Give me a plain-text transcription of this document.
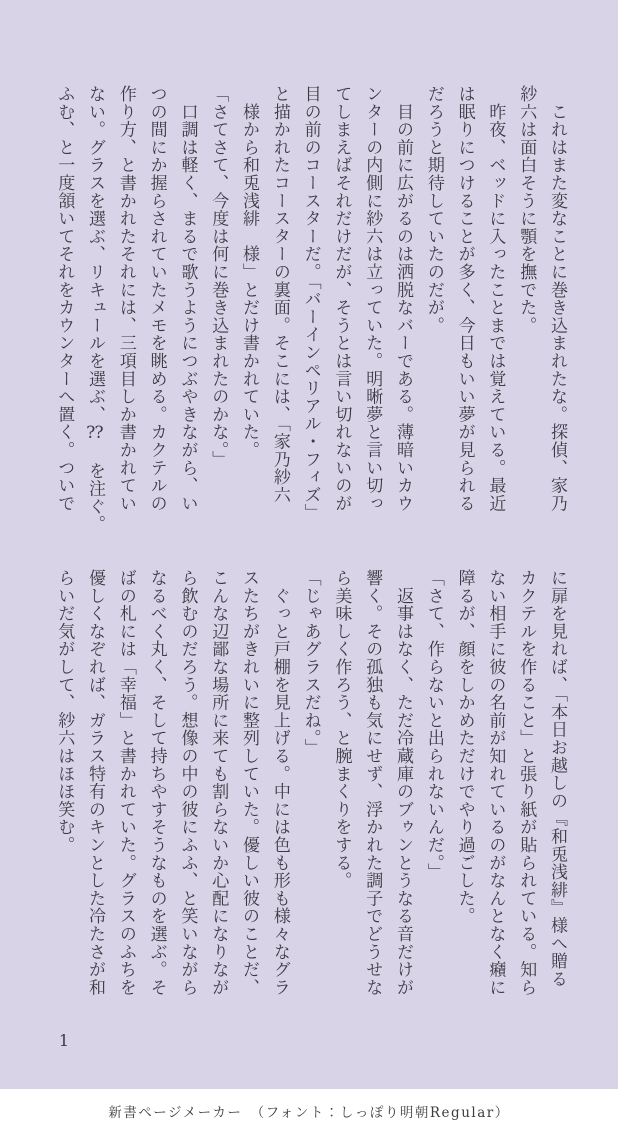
　これはまた変なことに巻き込まれたな。探偵、家乃

紗六は面白そうに顎を撫でた。

　昨夜、ベッドに入ったことまでは覚えている。最近

は眠りにつけることが多く、今日もいい夢が見られる

だろうと期待していたのだが。

　目の前に広がるのは洒脱なバーである。薄暗いカウ

ンターの内側に紗六は立っていた。明晰夢と言い切っ

てしまえばそれだけだが、そうとは言い切れないのが

目の前のコースターだ。「バーインペリアル・フィズ」

と描かれたコースターの裏面。そこには、「家乃紗六

　様から和兎浅緋　様」とだけ書かれていた。

「さてさて、今度は何に巻き込まれたのかな。」

　口調は軽く、まるで歌うようにつぶやきながら、い

つの間にか握らされていたメモを眺める。カクテルの

作り方、と書かれたそれには、三項目しか書かれてい

ない。グラスを選ぶ、リキュールを選ぶ、⁇　を注ぐ。

ふむ、と一度頷いてそれをカウンターへ置く。ついで

に扉を見れば、「本日お越しの『和兎浅緋』様へ贈る

カクテルを作ること」と張り紙が貼られている。知ら

ない相手に彼の名前が知れているのがなんとなく癪に

障るが、顔をしかめただけでやり過ごした。

「さて、作らないと出られないんだ。」

　返事はなく、ただ冷蔵庫のブゥンとうなる音だけが

響く。その孤独も気にせず、浮かれた調子でどうせな

ら美味しく作ろう、と腕まくりをする。

「じゃあグラスだね。」

　ぐっと戸棚を見上げる。中には色も形も様々なグラ

スたちがきれいに整列していた。優しい彼のことだ、

こんな辺鄙な場所に来ても割らないか心配になりなが

ら飲むのだろう。想像の中の彼にふふ、と笑いながら

なるべく丸く、そして持ちやすそうなものを選ぶ。そ

ばの札には「幸福」と書かれていた。グラスのふちを

優しくなぞれば、ガラス特有のキンとした冷たさが和

らいだ気がして、紗六はほほ笑む。

1
新書ページメーカー　（フォント：しっぽり明朝Regular）
